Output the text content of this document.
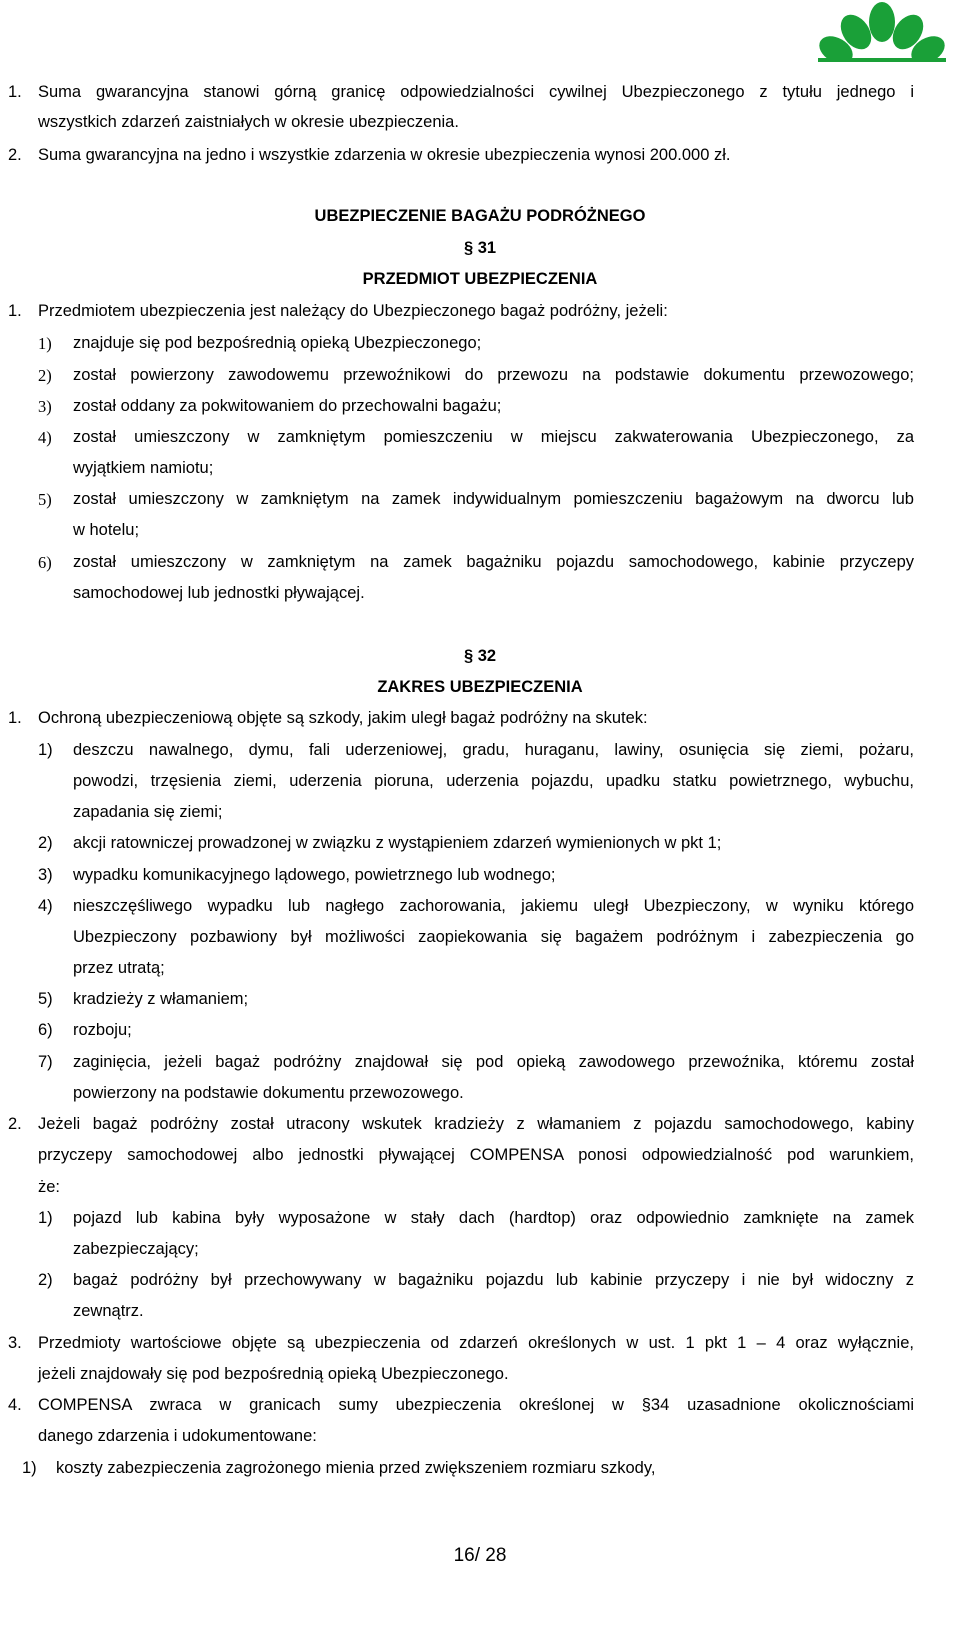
1. Suma gwarancyjna stanowi górną granicę odpowiedzialności cywilnej Ubezpieczonego z tytułu jednego i
wszystkich zdarzeń zaistniałych w okresie ubezpieczenia.
2. Suma gwarancyjna na jedno i wszystkie zdarzenia w okresie ubezpieczenia wynosi 200.000 zł.
UBEZPIECZENIE BAGAŻU PODRÓŻNEGO
§ 31
PRZEDMIOT UBEZPIECZENIA
1. Przedmiotem ubezpieczenia jest należący do Ubezpieczonego bagaż podróżny, jeżeli:
1) znajduje się pod bezpośrednią opieką Ubezpieczonego;
2) został powierzony zawodowemu przewoźnikowi do przewozu na podstawie dokumentu przewozowego;
3) został oddany za pokwitowaniem do przechowalni bagażu;
4) został umieszczony w zamkniętym pomieszczeniu w miejscu zakwaterowania Ubezpieczonego, za
wyjątkiem namiotu;
5) został umieszczony w zamkniętym na zamek indywidualnym pomieszczeniu bagażowym na dworcu lub
w hotelu;
6) został umieszczony w zamkniętym na zamek bagażniku pojazdu samochodowego, kabinie przyczepy
samochodowej lub jednostki pływającej.
§ 32
ZAKRES UBEZPIECZENIA
1. Ochroną ubezpieczeniową objęte są szkody, jakim uległ bagaż podróżny na skutek:
1) deszczu nawalnego, dymu, fali uderzeniowej, gradu, huraganu, lawiny, osunięcia się ziemi, pożaru,
powodzi, trzęsienia ziemi, uderzenia pioruna, uderzenia pojazdu, upadku statku powietrznego, wybuchu,
zapadania się ziemi;
2) akcji ratowniczej prowadzonej w związku z wystąpieniem zdarzeń wymienionych w pkt 1;
3) wypadku komunikacyjnego lądowego, powietrznego lub wodnego;
4) nieszczęśliwego wypadku lub nagłego zachorowania, jakiemu uległ Ubezpieczony, w wyniku którego
Ubezpieczony pozbawiony był możliwości zaopiekowania się bagażem podróżnym i zabezpieczenia go
przez utratą;
5) kradzieży z włamaniem;
6) rozboju;
7) zaginięcia, jeżeli bagaż podróżny znajdował się pod opieką zawodowego przewoźnika, któremu został
powierzony na podstawie dokumentu przewozowego.
2. Jeżeli bagaż podróżny został utracony wskutek kradzieży z włamaniem z pojazdu samochodowego, kabiny
przyczepy samochodowej albo jednostki pływającej COMPENSA ponosi odpowiedzialność pod warunkiem,
że:
1) pojazd lub kabina były wyposażone w stały dach (hardtop) oraz odpowiednio zamknięte na zamek
zabezpieczający;
2) bagaż podróżny był przechowywany w bagażniku pojazdu lub kabinie przyczepy i nie był widoczny z
zewnątrz.
3. Przedmioty wartościowe objęte są ubezpieczenia od zdarzeń określonych w ust. 1 pkt 1 – 4 oraz wyłącznie,
jeżeli znajdowały się pod bezpośrednią opieką Ubezpieczonego.
4. COMPENSA zwraca w granicach sumy ubezpieczenia określonej w §34 uzasadnione okolicznościami
danego zdarzenia i udokumentowane:
1) koszty zabezpieczenia zagrożonego mienia przed zwiększeniem rozmiaru szkody,
16/ 28
